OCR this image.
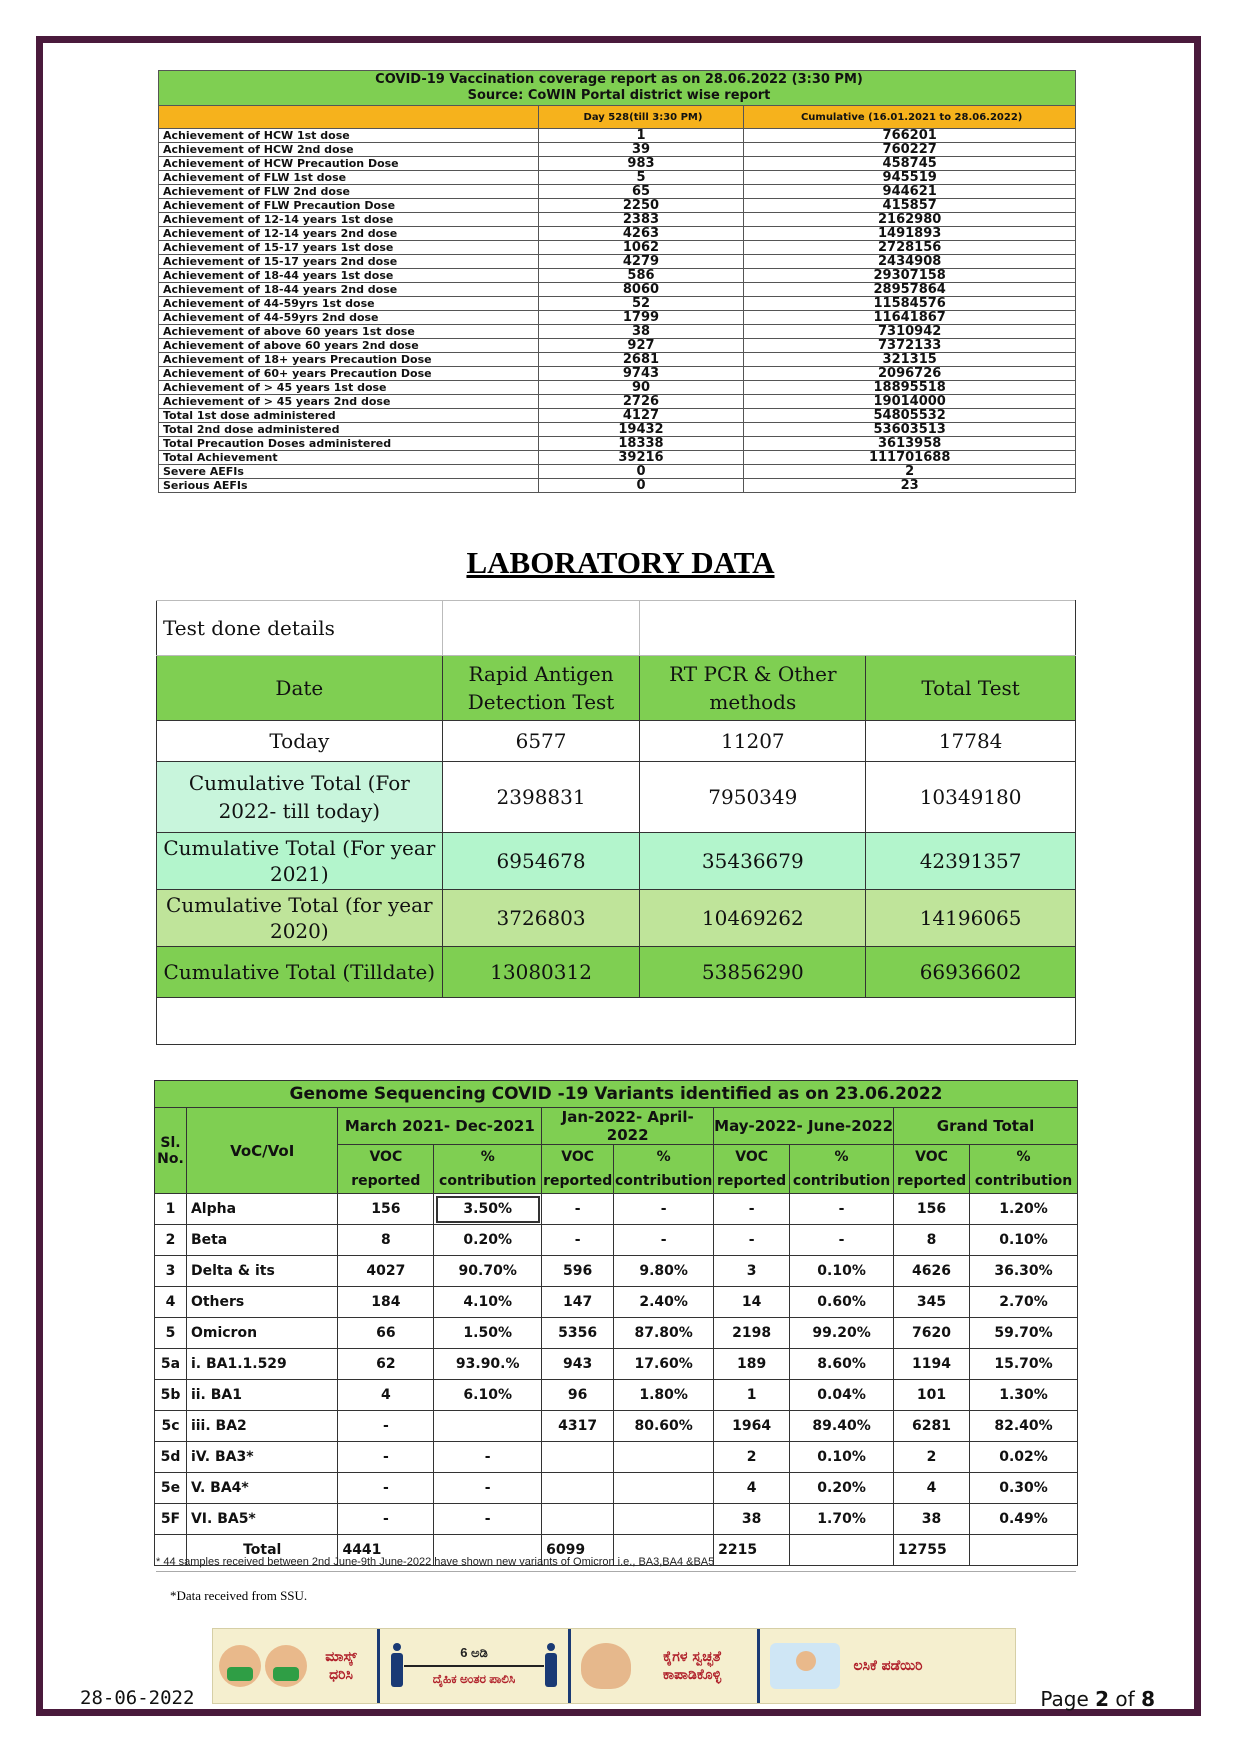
COVID-19 Vaccination coverage report as on 28.06.2022 (3:30 PM)
Source: CoWIN Portal district wise report		

	Day 528(till 3:30 PM)	Cumulative (16.01.2021 to 28.06.2022)
Achievement of HCW 1st dose	1	766201
Achievement of HCW 2nd dose	39	760227
Achievement of HCW Precaution Dose	983	458745
Achievement of FLW 1st dose	5	945519
Achievement of FLW 2nd dose	65	944621
Achievement of FLW Precaution Dose	2250	415857
Achievement of 12-14 years 1st dose	2383	2162980
Achievement of 12-14 years 2nd dose	4263	1491893
Achievement of 15-17 years 1st dose	1062	2728156
Achievement of 15-17 years 2nd dose	4279	2434908
Achievement of 18-44 years 1st dose	586	29307158
Achievement of 18-44 years 2nd dose	8060	28957864
Achievement of 44-59yrs 1st dose	52	11584576
Achievement of 44-59yrs 2nd dose	1799	11641867
Achievement of above 60 years 1st dose	38	7310942
Achievement of above 60 years 2nd dose	927	7372133
Achievement of 18+ years Precaution Dose	2681	321315
Achievement of 60+ years Precaution Dose	9743	2096726
Achievement of > 45 years 1st dose	90	18895518
Achievement of > 45 years 2nd dose	2726	19014000
Total 1st dose administered	4127	54805532
Total 2nd dose administered	19432	53603513
Total Precaution Doses administered	18338	3613958
Total Achievement	39216	111701688
Severe AEFIs	0	2
Serious AEFIs	0	23
LABORATORY DATA
Test done details			
Date	Rapid Antigen Detection Test	RT PCR & Other methods	Total Test
Today	6577	11207	17784
Cumulative Total (For 2022- till today)	2398831	7950349	10349180
Cumulative Total (For year 2021)	6954678	35436679	42391357
Cumulative Total (for year 2020)	3726803	10469262	14196065
Cumulative Total (Tilldate)	13080312	53856290	66936602

Genome Sequencing COVID -19 Variants identified as on 23.06.2022									
Sl. No.	VoC/VoI	March 2021- Dec-2021		Jan-2022- April-2022		May-2022- June-2022		Grand Total	
		VOC reported	% contribution	VOC reported	% contribution	VOC reported	% contribution	VOC reported	% contribution
1	Alpha	156	3.50%	-	-	-	-	156	1.20%
2	Beta	8	0.20%	-	-	-	-	8	0.10%
3	Delta & its	4027	90.70%	596	9.80%	3	0.10%	4626	36.30%
4	Others	184	4.10%	147	2.40%	14	0.60%	345	2.70%
5	Omicron	66	1.50%	5356	87.80%	2198	99.20%	7620	59.70%
5a	i. BA1.1.529	62	93.90.%	943	17.60%	189	8.60%	1194	15.70%
5b	ii. BA1	4	6.10%	96	1.80%	1	0.04%	101	1.30%
5c	iii. BA2	-		4317	80.60%	1964	89.40%	6281	82.40%
5d	iV. BA3*	-	-			2	0.10%	2	0.02%
5e	V. BA4*	-	-			4	0.20%	4	0.30%
5F	VI. BA5*	-	-			38	1.70%	38	0.49%
	Total	4441		6099		2215		12755	
* 44 samples received between 2nd June-9th June-2022 have shown new variants of Omicron i.e., BA3,BA4 &BA5
*Data received from SSU.
ಮಾಸ್ಕ್ ಧರಿಸಿ
6 ಅಡಿ
ದೈಹಿಕ ಅಂತರ ಪಾಲಿಸಿ
ಕೈಗಳ ಸ್ವಚ್ಛತೆ ಕಾಪಾಡಿಕೊಳ್ಳಿ
ಲಸಿಕೆ ಪಡೆಯಿರಿ
28-06-2022	Page 2 of 8
